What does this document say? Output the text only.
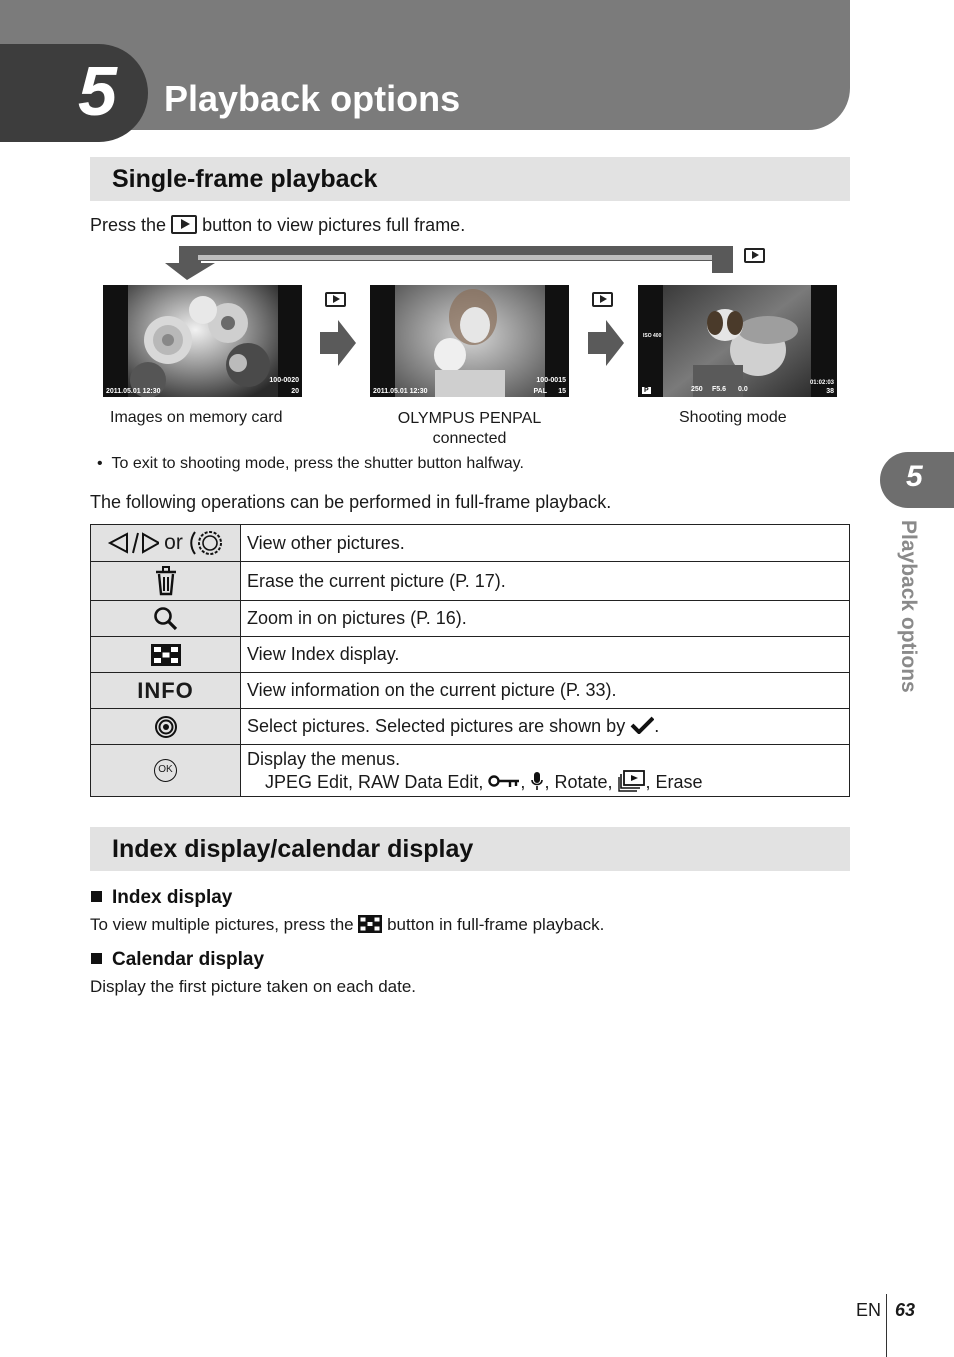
5 Playback options
Single-frame playback
Press the button to view pictures full frame.
2011.05.01 12:30
100-0020
20	2011.05.01 12:30
100-0015
PAL 15
ISO 400
P	250 F5.6 0.0
01:02:03
38
Images on memory card	OLYMPUS PENPAL connected
Shooting mode
•  To exit to shooting mode, press the shutter button halfway.
The following operations can be performed in full-frame playback.
or	View other pictures.
	Erase the current picture (P. 17).
	Zoom in on pictures (P. 16).
	View Index display.
INFO	View information on the current picture (P. 33).
	Select pictures. Selected pictures are shown by .
OK	Display the menus.
JPEG Edit, RAW Data Edit, , , Rotate, , Erase
Index display/calendar display
Index display
To view multiple pictures, press the button in full-frame playback.
Calendar display
Display the first picture taken on each date.
5
Playback options
EN 63
